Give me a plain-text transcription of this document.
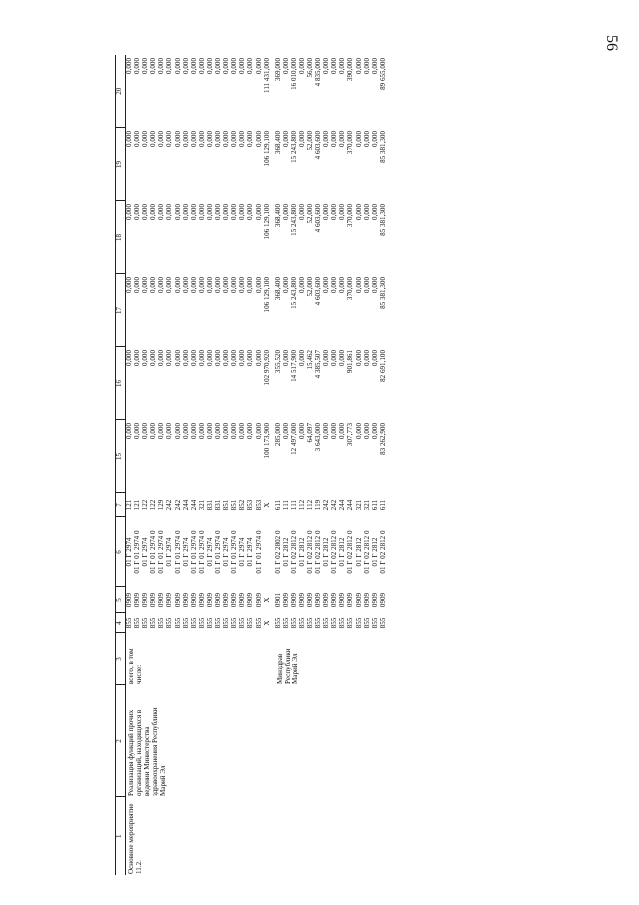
56
1	2	3	4	5	6	7	15	16	17	18	19	20
Основное мероприятие 11.2.	Реализация функций прочих организаций, находящихся в ведении Министерства здравоохранения Республики Марий Эл	всего, в том числе:	855	0909	01 Г 2974	121	0,000	0,000	0,000	0,000	0,000	0,000
			855	0909	01 Г 01 2974 0	121	0,000	0,000	0,000	0,000	0,000	0,000
			855	0909	01 Г 2974	122	0,000	0,000	0,000	0,000	0,000	0,000
			855	0909	01 Г 01 2974 0	122	0,000	0,000	0,000	0,000	0,000	0,000
			855	0909	01 Г 01 2974 0	129	0,000	0,000	0,000	0,000	0,000	0,000
			855	0909	01 Г 2974	242	0,000	0,000	0,000	0,000	0,000	0,000
			855	0909	01 Г 01 2974 0	242	0,000	0,000	0,000	0,000	0,000	0,000
			855	0909	01 Г 2974	244	0,000	0,000	0,000	0,000	0,000	0,000
			855	0909	01 Г 01 2974 0	244	0,000	0,000	0,000	0,000	0,000	0,000
			855	0909	01 Г 01 2974 0	321	0,000	0,000	0,000	0,000	0,000	0,000
			855	0909	01 Г 2974	831	0,000	0,000	0,000	0,000	0,000	0,000
			855	0909	01 Г 01 2974 0	831	0,000	0,000	0,000	0,000	0,000	0,000
			855	0909	01 Г 2974	851	0,000	0,000	0,000	0,000	0,000	0,000
			855	0909	01 Г 01 2974 0	851	0,000	0,000	0,000	0,000	0,000	0,000
			855	0909	01 Г 2974	852	0,000	0,000	0,000	0,000	0,000	0,000
			855	0909	01 Г 2974	853	0,000	0,000	0,000	0,000	0,000	0,000
			855	0909	01 Г 01 2974 0	853	0,000	0,000	0,000	0,000	0,000	0,000
			X	X		X	100 173,900	102 970,920	106 129,100	106 129,100	106 129,100	111 431,000
		Минздрав Республики Марий Эл	855	0901	01 Г 02 2802 0	611	285,000	355,520	368,400	368,400	368,400	369,000
			855	0909	01 Г 2812	111	0,000	0,000	0,000	0,000	0,000	0,000
			855	0909	01 Г 02 2812 0	111	12 497,000	14 517,900	15 243,800	15 243,800	15 243,800	16 010,000
			855	0909	01 Г 2812	112	0,000	0,000	0,000	0,000	0,000	0,000
			855	0909	01 Г 02 2812 0	112	64,097	15,462	52,000	52,000	52,000	56,000
			855	0909	01 Г 02 2812 0	119	3 643,000	4 385,507	4 603,600	4 603,600	4 603,600	4 835,000
			855	0909	01 Г 2812	242	0,000	0,000	0,000	0,000	0,000	0,000
			855	0909	01 Г 02 2812 0	242	0,000	0,000	0,000	0,000	0,000	0,000
			855	0909	01 Г 2812	244	0,000	0,000	0,000	0,000	0,000	0,000
			855	0909	01 Г 02 2812 0	244	307,773	901,861	370,000	370,000	370,000	390,000
			855	0909	01 Г 2812	321	0,000	0,000	0,000	0,000	0,000	0,000
			855	0909	01 Г 02 2812 0	321	0,000	0,000	0,000	0,000	0,000	0,000
			855	0909	01 Г 2812	611	0,000	0,000	0,000	0,000	0,000	0,000
			855	0909	01 Г 02 2812 0	611	83 262,900	82 691,100	85 381,300	85 381,300	85 381,300	89 655,000
